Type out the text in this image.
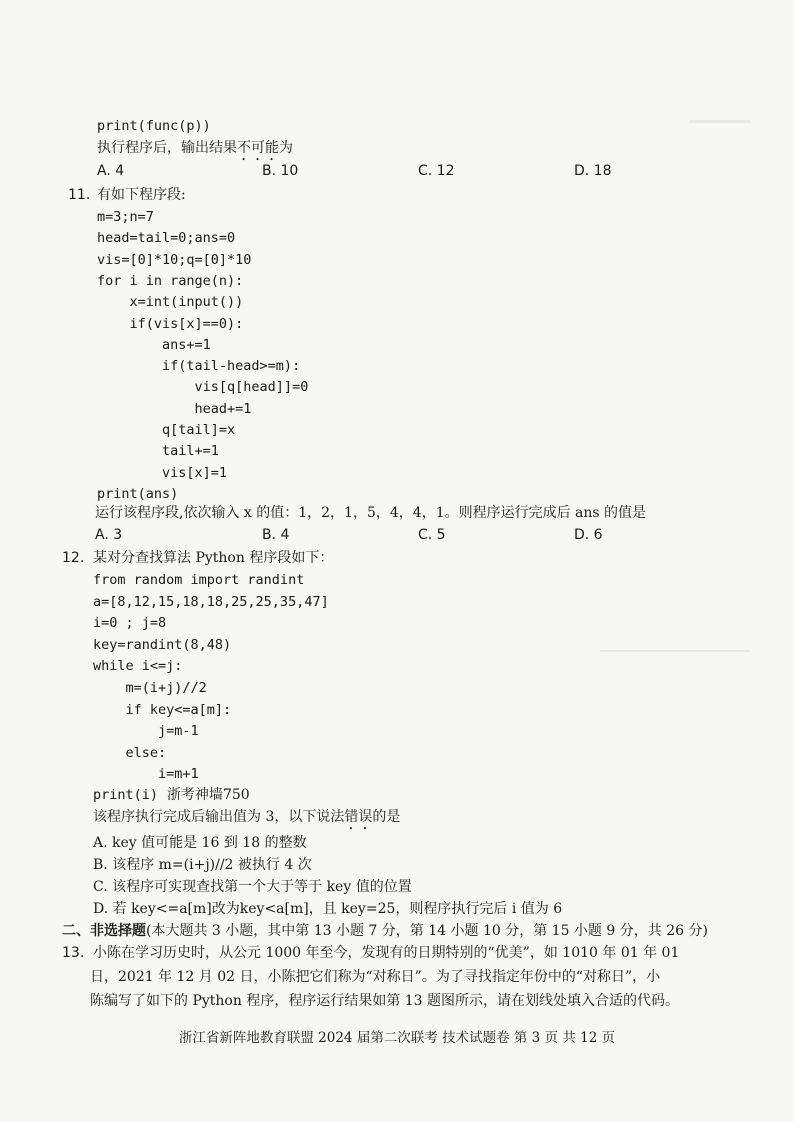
print(func(p))
执行程序后，输出结果不可能为
A. 4	B. 10	C. 12	D. 18
11. 有如下程序段:
m=3;n=7
head=tail=0;ans=0
vis=[0]*10;q=[0]*10
for i in range(n):
x=int(input())
if(vis[x]==0):
ans+=1
if(tail-head>=m):
vis[q[head]]=0
head+=1
q[tail]=x
tail+=1
vis[x]=1
print(ans)
运行该程序段,依次输入 x 的值：1，2，1，5，4，4，1。则程序运行完成后 ans 的值是
A. 3	B. 4	C. 5	D. 6
12. 某对分查找算法 Python 程序段如下：
from random import randint
a=[8,12,15,18,18,25,25,35,47]
i=0 ; j=8
key=randint(8,48)
while i<=j:
m=(i+j)//2
if key<=a[m]:
j=m-1
else:
i=m+1
print(i) 浙考神墙750
该程序执行完成后输出值为 3，以下说法错误的是
A. key 值可能是 16 到 18 的整数
B. 该程序 m=(i+j)//2 被执行 4 次
C. 该程序可实现查找第一个大于等于 key 值的位置
D. 若 key<=a[m]改为key<a[m]，且 key=25，则程序执行完后 i 值为 6
二、非选择题(本大题共 3 小题，其中第 13 小题 7 分，第 14 小题 10 分，第 15 小题 9 分，共 26 分)
13. 小陈在学习历史时，从公元 1000 年至今，发现有的日期特别的“优美”，如 1010 年 01 年 01
日，2021 年 12 月 02 日，小陈把它们称为“对称日”。为了寻找指定年份中的“对称日”，小
陈编写了如下的 Python 程序，程序运行结果如第 13 题图所示，请在划线处填入合适的代码。
浙江省新阵地教育联盟 2024 届第二次联考 技术试题卷 第 3 页 共 12 页
